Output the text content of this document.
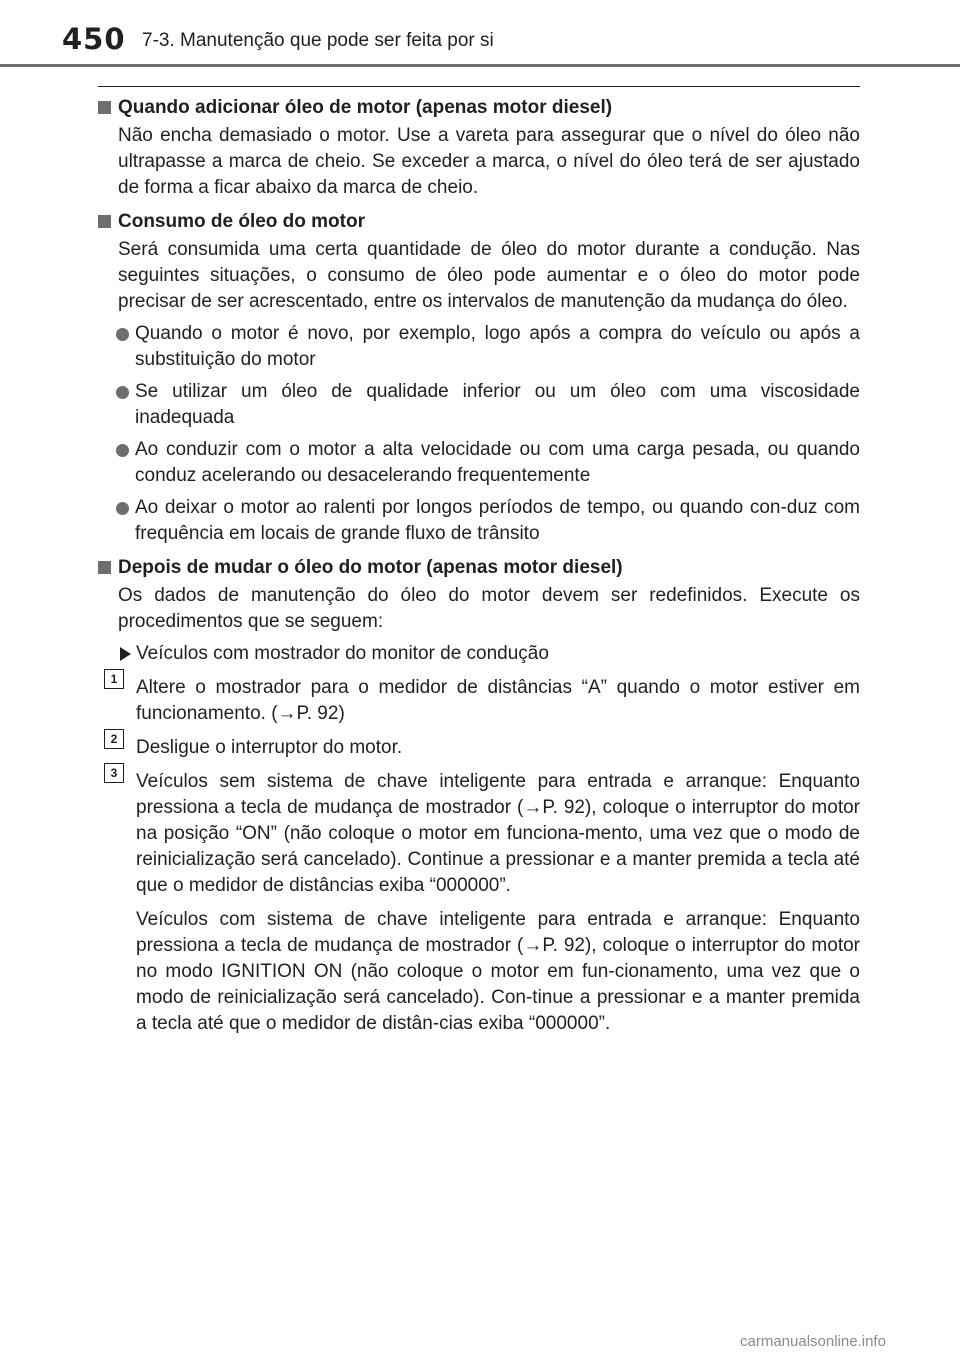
450 7-3. Manutenção que pode ser feita por si
Quando adicionar óleo de motor (apenas motor diesel)

Não encha demasiado o motor. Use a vareta para assegurar que o nível do óleo não ultrapasse a marca de cheio. Se exceder a marca, o nível do óleo terá de ser ajustado de forma a ficar abaixo da marca de cheio.

Consumo de óleo do motor

Será consumida uma certa quantidade de óleo do motor durante a condução. Nas seguintes situações, o consumo de óleo pode aumentar e o óleo do motor pode precisar de ser acrescentado, entre os intervalos de manutenção da mudança do óleo.

Quando o motor é novo, por exemplo, logo após a compra do veículo ou após a substituição do motor
Se utilizar um óleo de qualidade inferior ou um óleo com uma viscosidade inadequada
Ao conduzir com o motor a alta velocidade ou com uma carga pesada, ou quando conduz acelerando ou desacelerando frequentemente
Ao deixar o motor ao ralenti por longos períodos de tempo, ou quando con-duz com frequência em locais de grande fluxo de trânsito
Depois de mudar o óleo do motor (apenas motor diesel)

Os dados de manutenção do óleo do motor devem ser redefinidos. Execute os procedimentos que se seguem:

Veículos com mostrador do monitor de condução
1 Altere o mostrador para o medidor de distâncias “A” quando o motor estiver em funcionamento. (→P. 92)
2 Desligue o interruptor do motor.
3 Veículos sem sistema de chave inteligente para entrada e arranque: Enquanto pressiona a tecla de mudança de mostrador (→P. 92), coloque o interruptor do motor na posição “ON” (não coloque o motor em funciona-mento, uma vez que o modo de reinicialização será cancelado). Continue a pressionar e a manter premida a tecla até que o medidor de distâncias exiba “000000”.

Veículos com sistema de chave inteligente para entrada e arranque: Enquanto pressiona a tecla de mudança de mostrador (→P. 92), coloque o interruptor do motor no modo IGNITION ON (não coloque o motor em fun-cionamento, uma vez que o modo de reinicialização será cancelado). Con-tinue a pressionar e a manter premida a tecla até que o medidor de distân-cias exiba “000000”.

carmanualsonline.info
